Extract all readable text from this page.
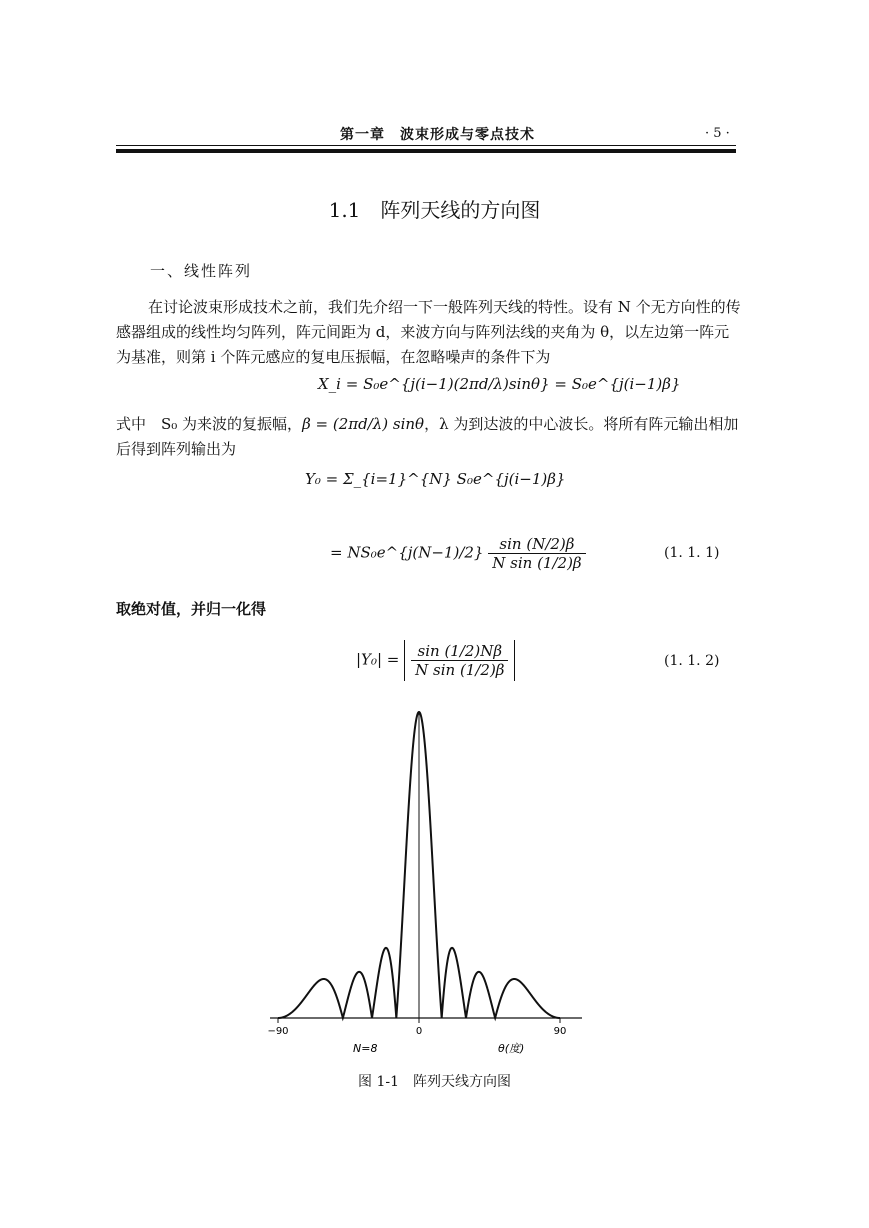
第一章　波束形成与零点技术	· 5 ·
1.1　阵列天线的方向图
一、线性阵列
在讨论波束形成技术之前，我们先介绍一下一般阵列天线的特性。设有 N 个无方向性的传感器组成的线性均匀阵列，阵元间距为 d，来波方向与阵列法线的夹角为 θ，以左边第一阵元为基准，则第 i 个阵元感应的复电压振幅，在忽略噪声的条件下为
X_i = S₀e^{j(i−1)(2πd/λ)sinθ} = S₀e^{j(i−1)β}
式中　S₀ 为来波的复振幅，β = (2πd/λ) sinθ，λ 为到达波的中心波长。将所有阵元输出相加后得到阵列输出为
Y₀ = Σ_{i=1}^{N} S₀e^{j(i−1)β}
= NS₀e^{j(N−1)/2} $\frac{\sin (N/2)\beta}{\text{N sin (1/2)β}}$	(1. 1. 1)
取绝对值，并归一化得
$|Y_0| = \frac{\sin (1/2)N\beta}{\text{N sin (1/2)β}}$	(1. 1. 2)
−90	0	90
N=8	θ(度)
图 1-1　阵列天线方向图
